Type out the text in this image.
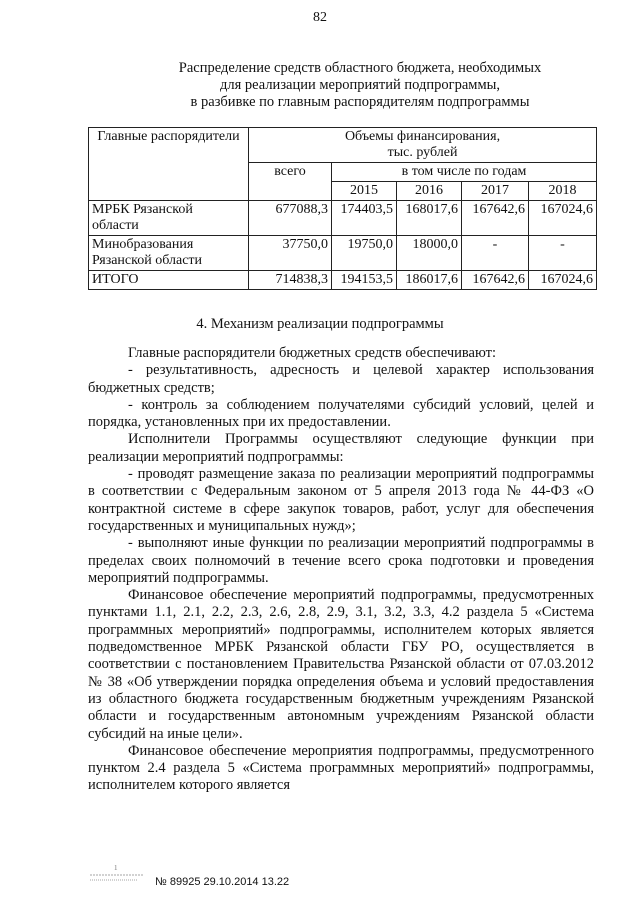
82
Распределение средств областного бюджета, необходимых
для реализации мероприятий подпрограммы,
в разбивке по главным распорядителям подпрограммы
Главные распорядители	Объемы финансирования,
тыс. рублей				

	всего	в том числе по годам			
		2015	2016	2017	2018

МРБК Рязанской
области	677088,3	174403,5	168017,6	167642,6	167024,6

Минобразования
Рязанской области	37750,0	19750,0	18000,0	-	-
ИТОГО	714838,3	194153,5	186017,6	167642,6	167024,6
4. Механизм реализации подпрограммы

Главные распорядители бюджетных средств обеспечивают:

- результативность, адресность и целевой характер использования бюджетных средств;

- контроль за соблюдением получателями субсидий условий, целей и порядка, установленных при их предоставлении.

Исполнители Программы осуществляют следующие функции при реализации мероприятий подпрограммы:

- проводят размещение заказа по реализации мероприятий подпрограммы в соответствии с Федеральным законом от 5 апреля 2013 года № 44-ФЗ «О контрактной системе в сфере закупок товаров, работ, услуг для обеспечения государственных и муниципальных нужд»;

- выполняют иные функции по реализации мероприятий подпрограммы в пределах своих полномочий в течение всего срока подготовки и проведения мероприятий подпрограммы.

Финансовое обеспечение мероприятий подпрограммы, предусмотренных пунктами 1.1, 2.1, 2.2, 2.3, 2.6, 2.8, 2.9, 3.1, 3.2, 3.3, 4.2 раздела 5 «Система программных мероприятий» подпрограммы, исполнителем которых является подведомственное МРБК Рязанской области ГБУ РО, осуществляется в соответствии с постановлением Правительства Рязанской области от 07.03.2012 № 38 «Об утверждении порядка определения объема и условий предоставления из областного бюджета государственным бюджетным учреждениям Рязанской области и государственным автономным учреждениям Рязанской области субсидий на иные цели».

Финансовое обеспечение мероприятия подпрограммы, предусмотренного пунктом 2.4 раздела 5 «Система программных мероприятий» подпрограммы, исполнителем которого является

1
№ 89925 29.10.2014 13.22
